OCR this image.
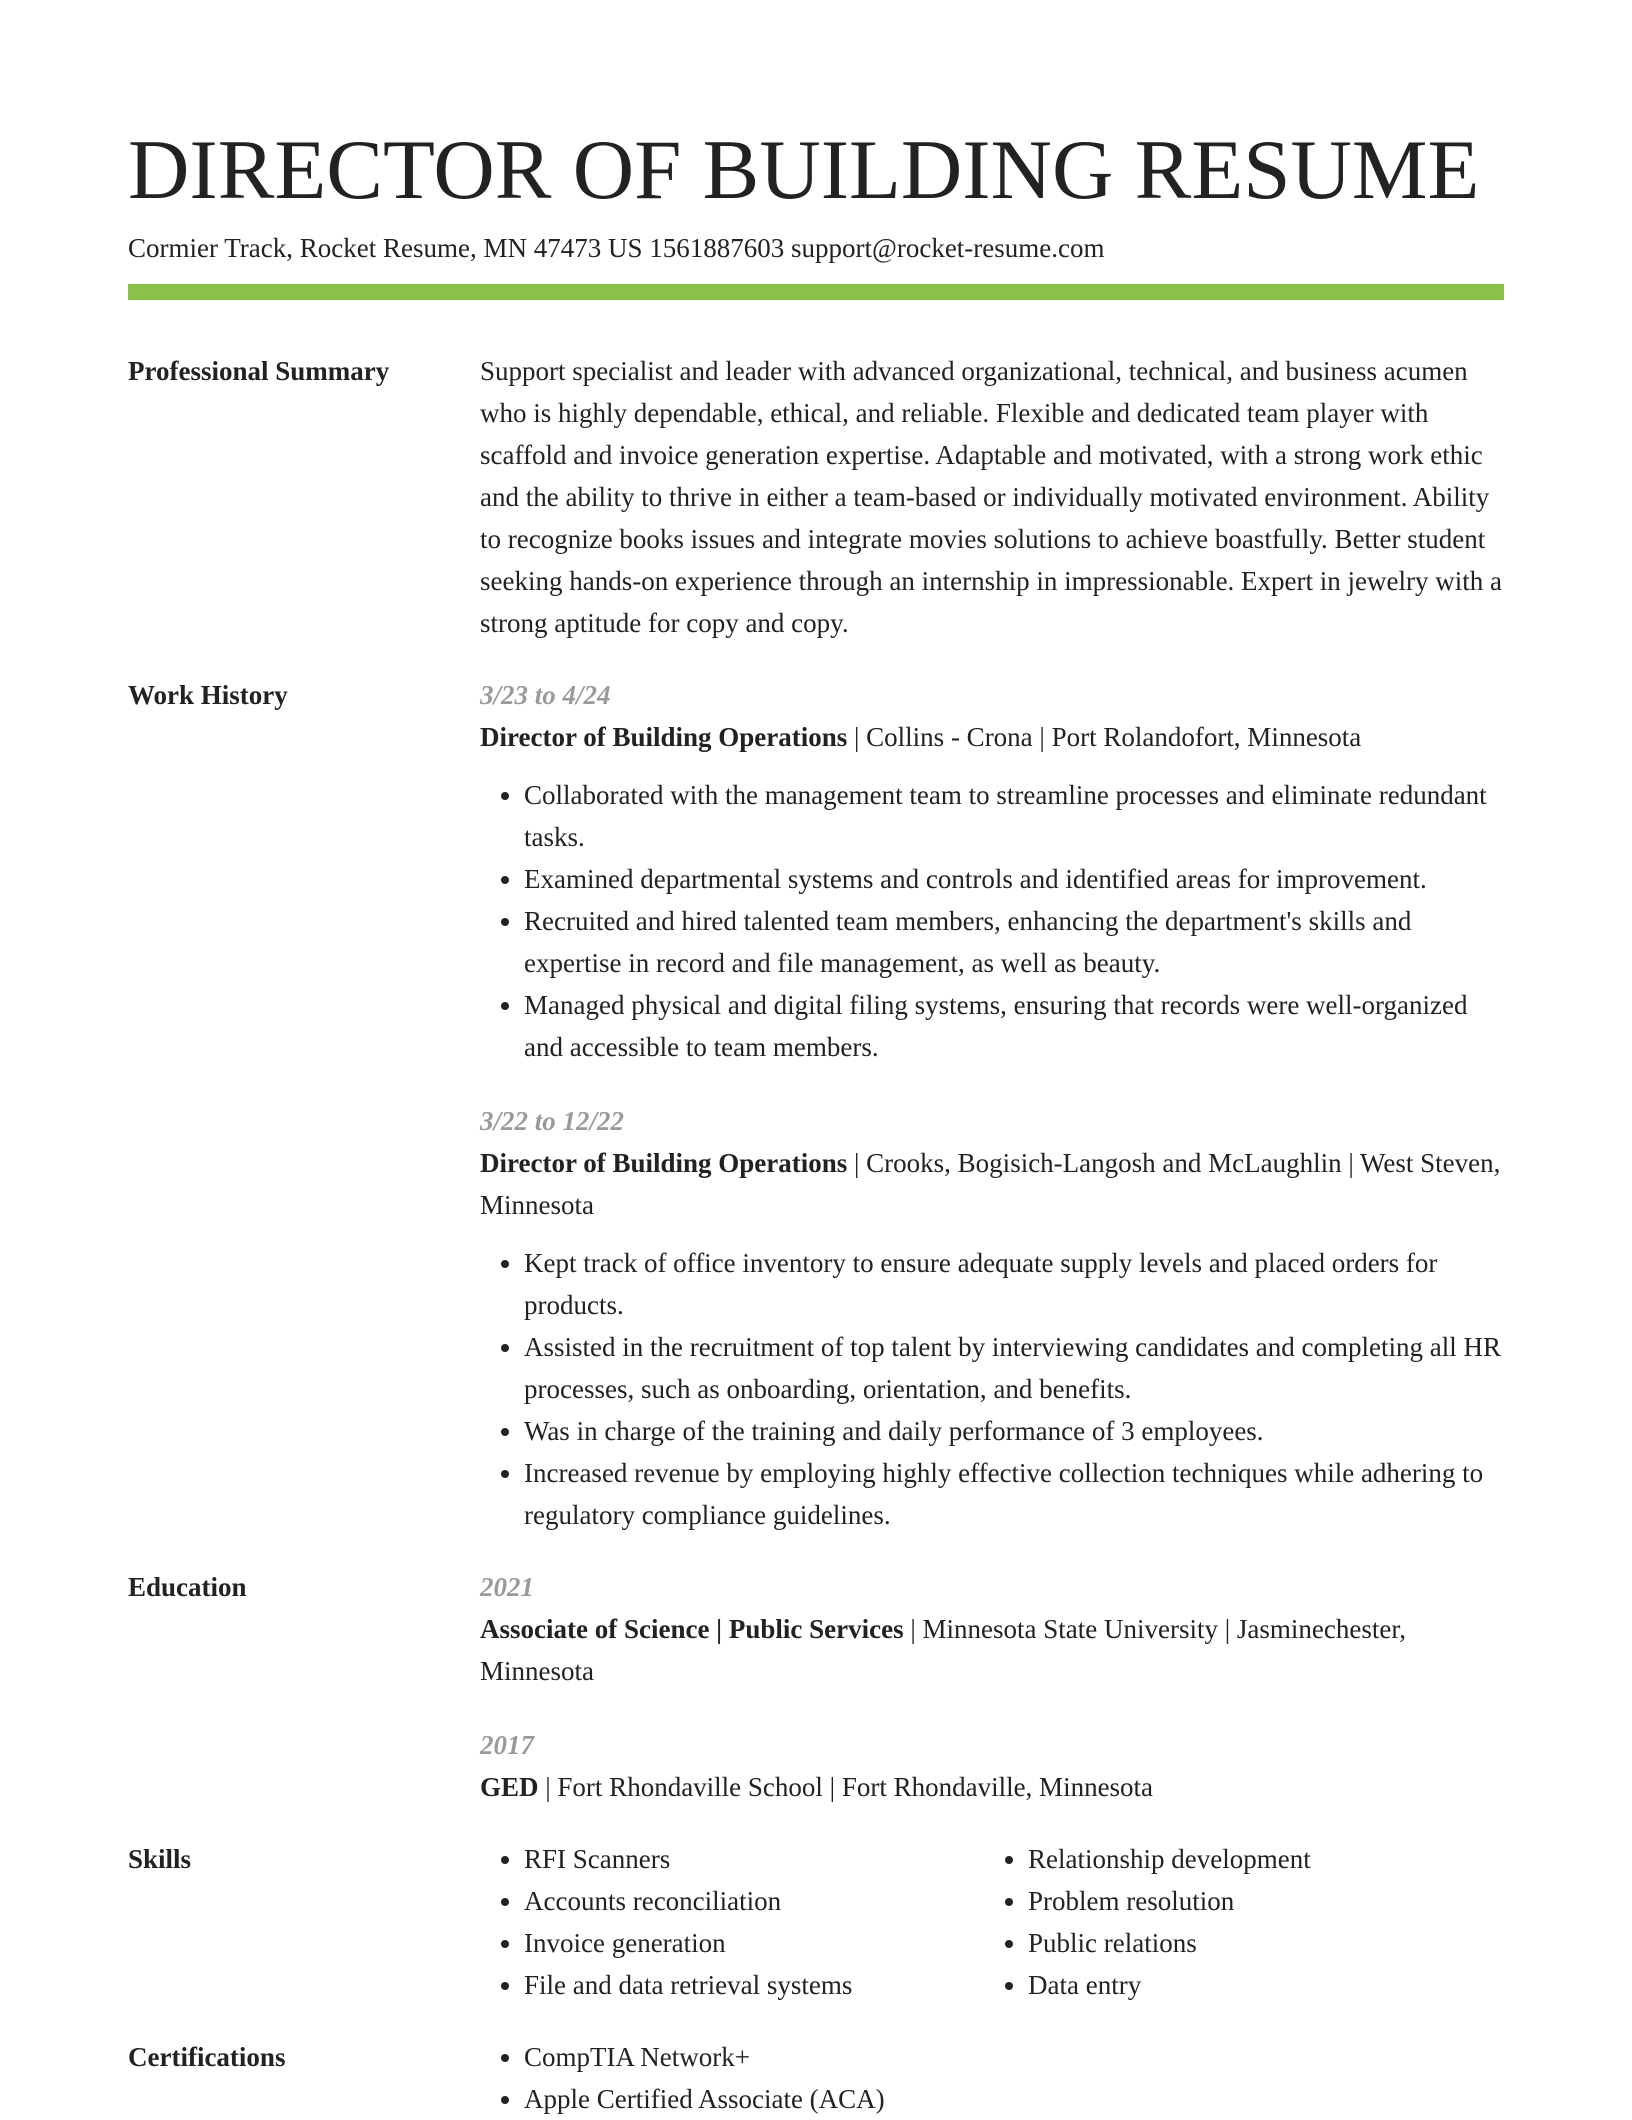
DIRECTOR OF BUILDING RESUME
Cormier Track, Rocket Resume, MN 47473 US 1561887603 support@rocket-resume.com
Professional Summary	Support specialist and leader with advanced organizational, technical, and business acumen who is highly dependable, ethical, and reliable. Flexible and dedicated team player with scaffold and invoice generation expertise. Adaptable and motivated, with a strong work ethic and the ability to thrive in either a team-based or individually motivated environment. Ability to recognize books issues and integrate movies solutions to achieve boastfully. Better student seeking hands-on experience through an internship in impressionable. Expert in jewelry with a strong aptitude for copy and copy.
Work History	3/23 to 4/24
Director of Building Operations | Collins - Crona | Port Rolandofort, Minnesota
• Collaborated with the management team to streamline processes and eliminate redundant tasks.
• Examined departmental systems and controls and identified areas for improvement.
• Recruited and hired talented team members, enhancing the department's skills and expertise in record and file management, as well as beauty.
• Managed physical and digital filing systems, ensuring that records were well-organized and accessible to team members.
3/22 to 12/22
Director of Building Operations | Crooks, Bogisich-Langosh and McLaughlin | West Steven, Minnesota
• Kept track of office inventory to ensure adequate supply levels and placed orders for products.
• Assisted in the recruitment of top talent by interviewing candidates and completing all HR processes, such as onboarding, orientation, and benefits.
• Was in charge of the training and daily performance of 3 employees.
• Increased revenue by employing highly effective collection techniques while adhering to regulatory compliance guidelines.
Education	2021
Associate of Science | Public Services | Minnesota State University | Jasminechester, Minnesota
2017
GED | Fort Rhondaville School | Fort Rhondaville, Minnesota
Skills	• RFI Scanners
• Accounts reconciliation
• Invoice generation
• File and data retrieval systems
• Relationship development
• Problem resolution
• Public relations
• Data entry
Certifications	• CompTIA Network+
• Apple Certified Associate (ACA)
